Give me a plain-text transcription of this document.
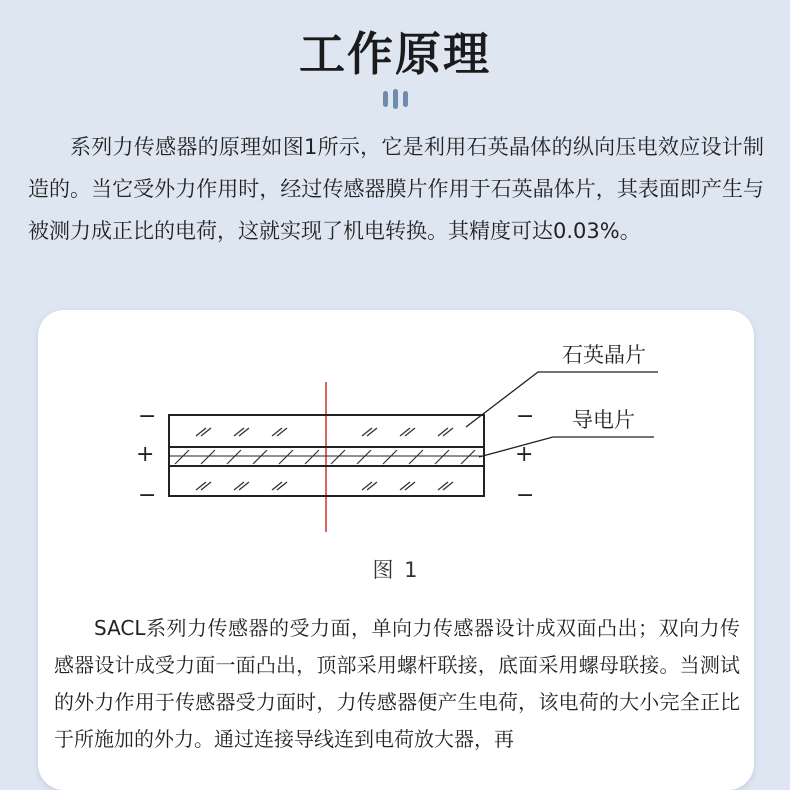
工作原理

系列力传感器的原理如图1所示，它是利用石英晶体的纵向压电效应设计制造的。当它受外力作用时，经过传感器膜片作用于石英晶体片，其表面即产生与被测力成正比的电荷，这就实现了机电转换。其精度可达0.03%。

石英晶片
导电片
−
+
−
−
+
−
图 1

SACL系列力传感器的受力面，单向力传感器设计成双面凸出；双向力传感器设计成受力面一面凸出，顶部采用螺杆联接，底面采用螺母联接。当测试的外力作用于传感器受力面时，力传感器便产生电荷，该电荷的大小完全正比于所施加的外力。通过连接导线连到电荷放大器，再
